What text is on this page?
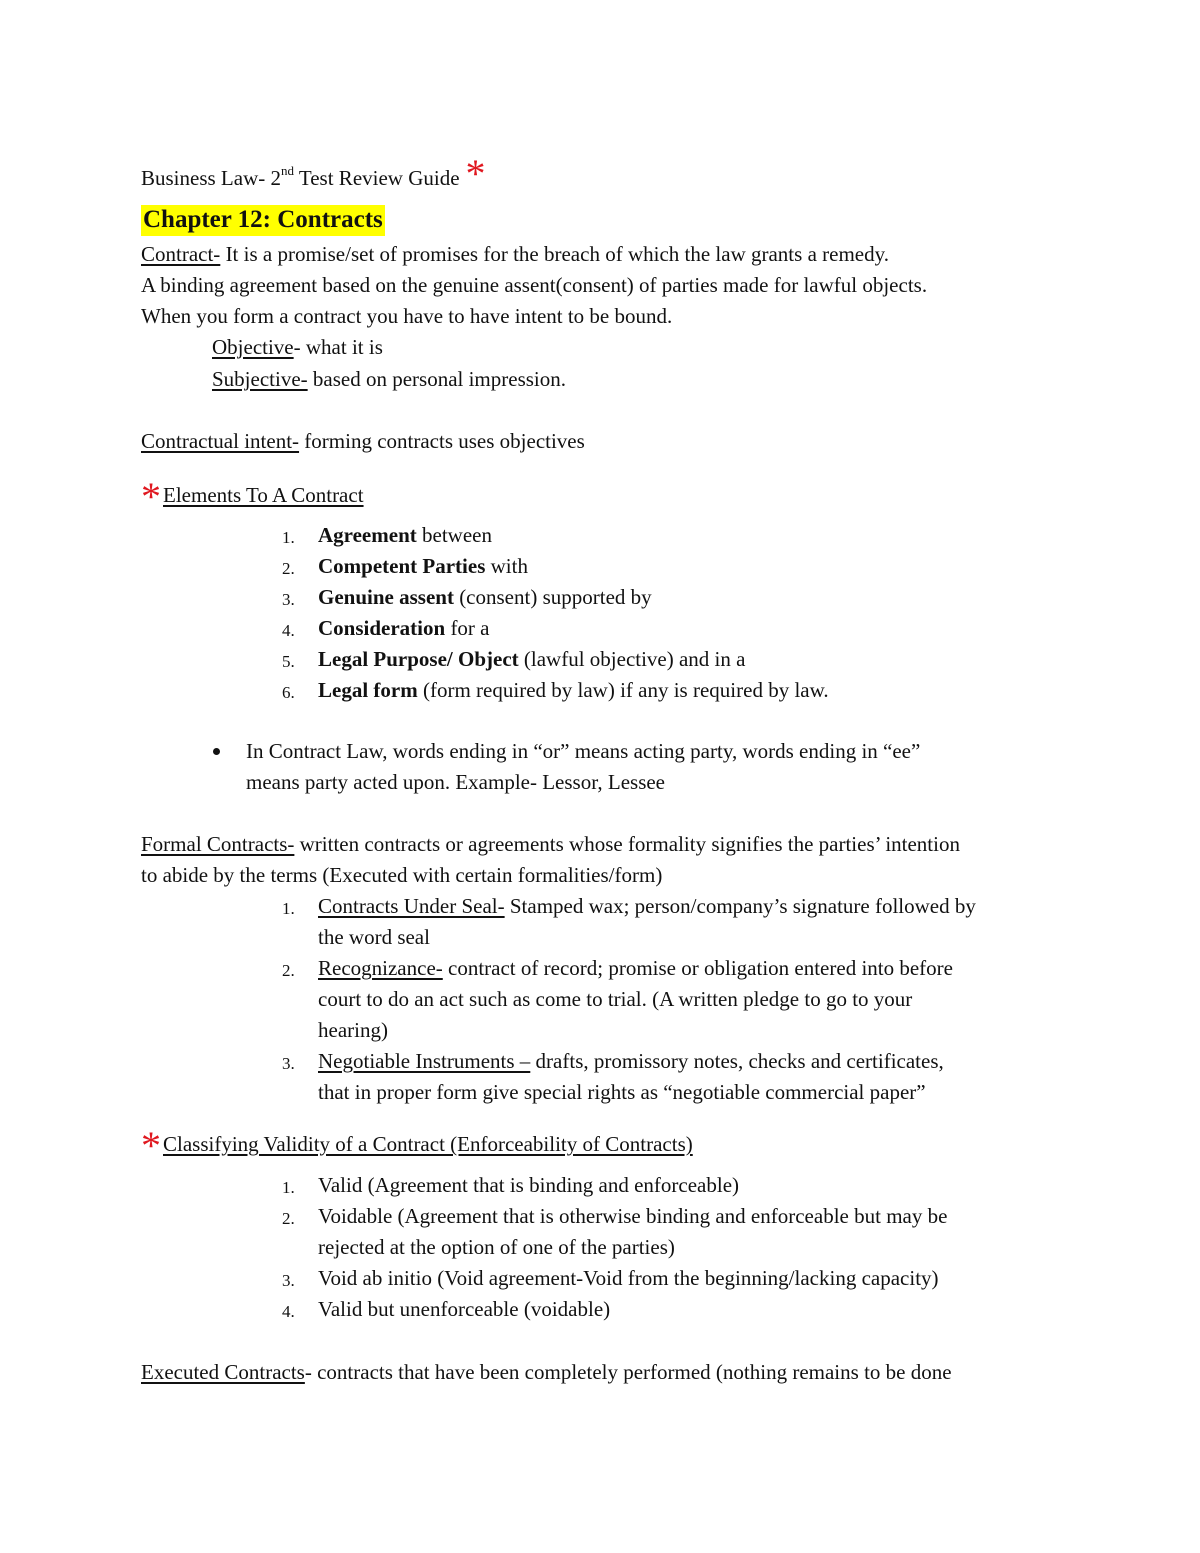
Business Law- 2nd Test Review Guide *
Chapter 12: Contracts
Contract- It is a promise/set of promises for the breach of which the law grants a remedy.
A binding agreement based on the genuine assent(consent) of parties made for lawful objects.
When you form a contract you have to have intent to be bound.
Objective- what it is
Subjective- based on personal impression.
Contractual intent- forming contracts uses objectives
*Elements To A Contract
1. Agreement between
2. Competent Parties with
3. Genuine assent (consent) supported by
4. Consideration for a
5. Legal Purpose/ Object (lawful objective) and in a
6. Legal form (form required by law) if any is required by law.
In Contract Law, words ending in “or” means acting party, words ending in “ee”
means party acted upon. Example- Lessor, Lessee
Formal Contracts- written contracts or agreements whose formality signifies the parties’ intention
to abide by the terms (Executed with certain formalities/form)
1. Contracts Under Seal- Stamped wax; person/company’s signature followed by
the word seal
2. Recognizance- contract of record; promise or obligation entered into before
court to do an act such as come to trial. (A written pledge to go to your
hearing)
3. Negotiable Instruments – drafts, promissory notes, checks and certificates,
that in proper form give special rights as “negotiable commercial paper”
*Classifying Validity of a Contract (Enforceability of Contracts)
1. Valid (Agreement that is binding and enforceable)
2. Voidable (Agreement that is otherwise binding and enforceable but may be
rejected at the option of one of the parties)
3. Void ab initio (Void agreement-Void from the beginning/lacking capacity)
4. Valid but unenforceable (voidable)
Executed Contracts- contracts that have been completely performed (nothing remains to be done
